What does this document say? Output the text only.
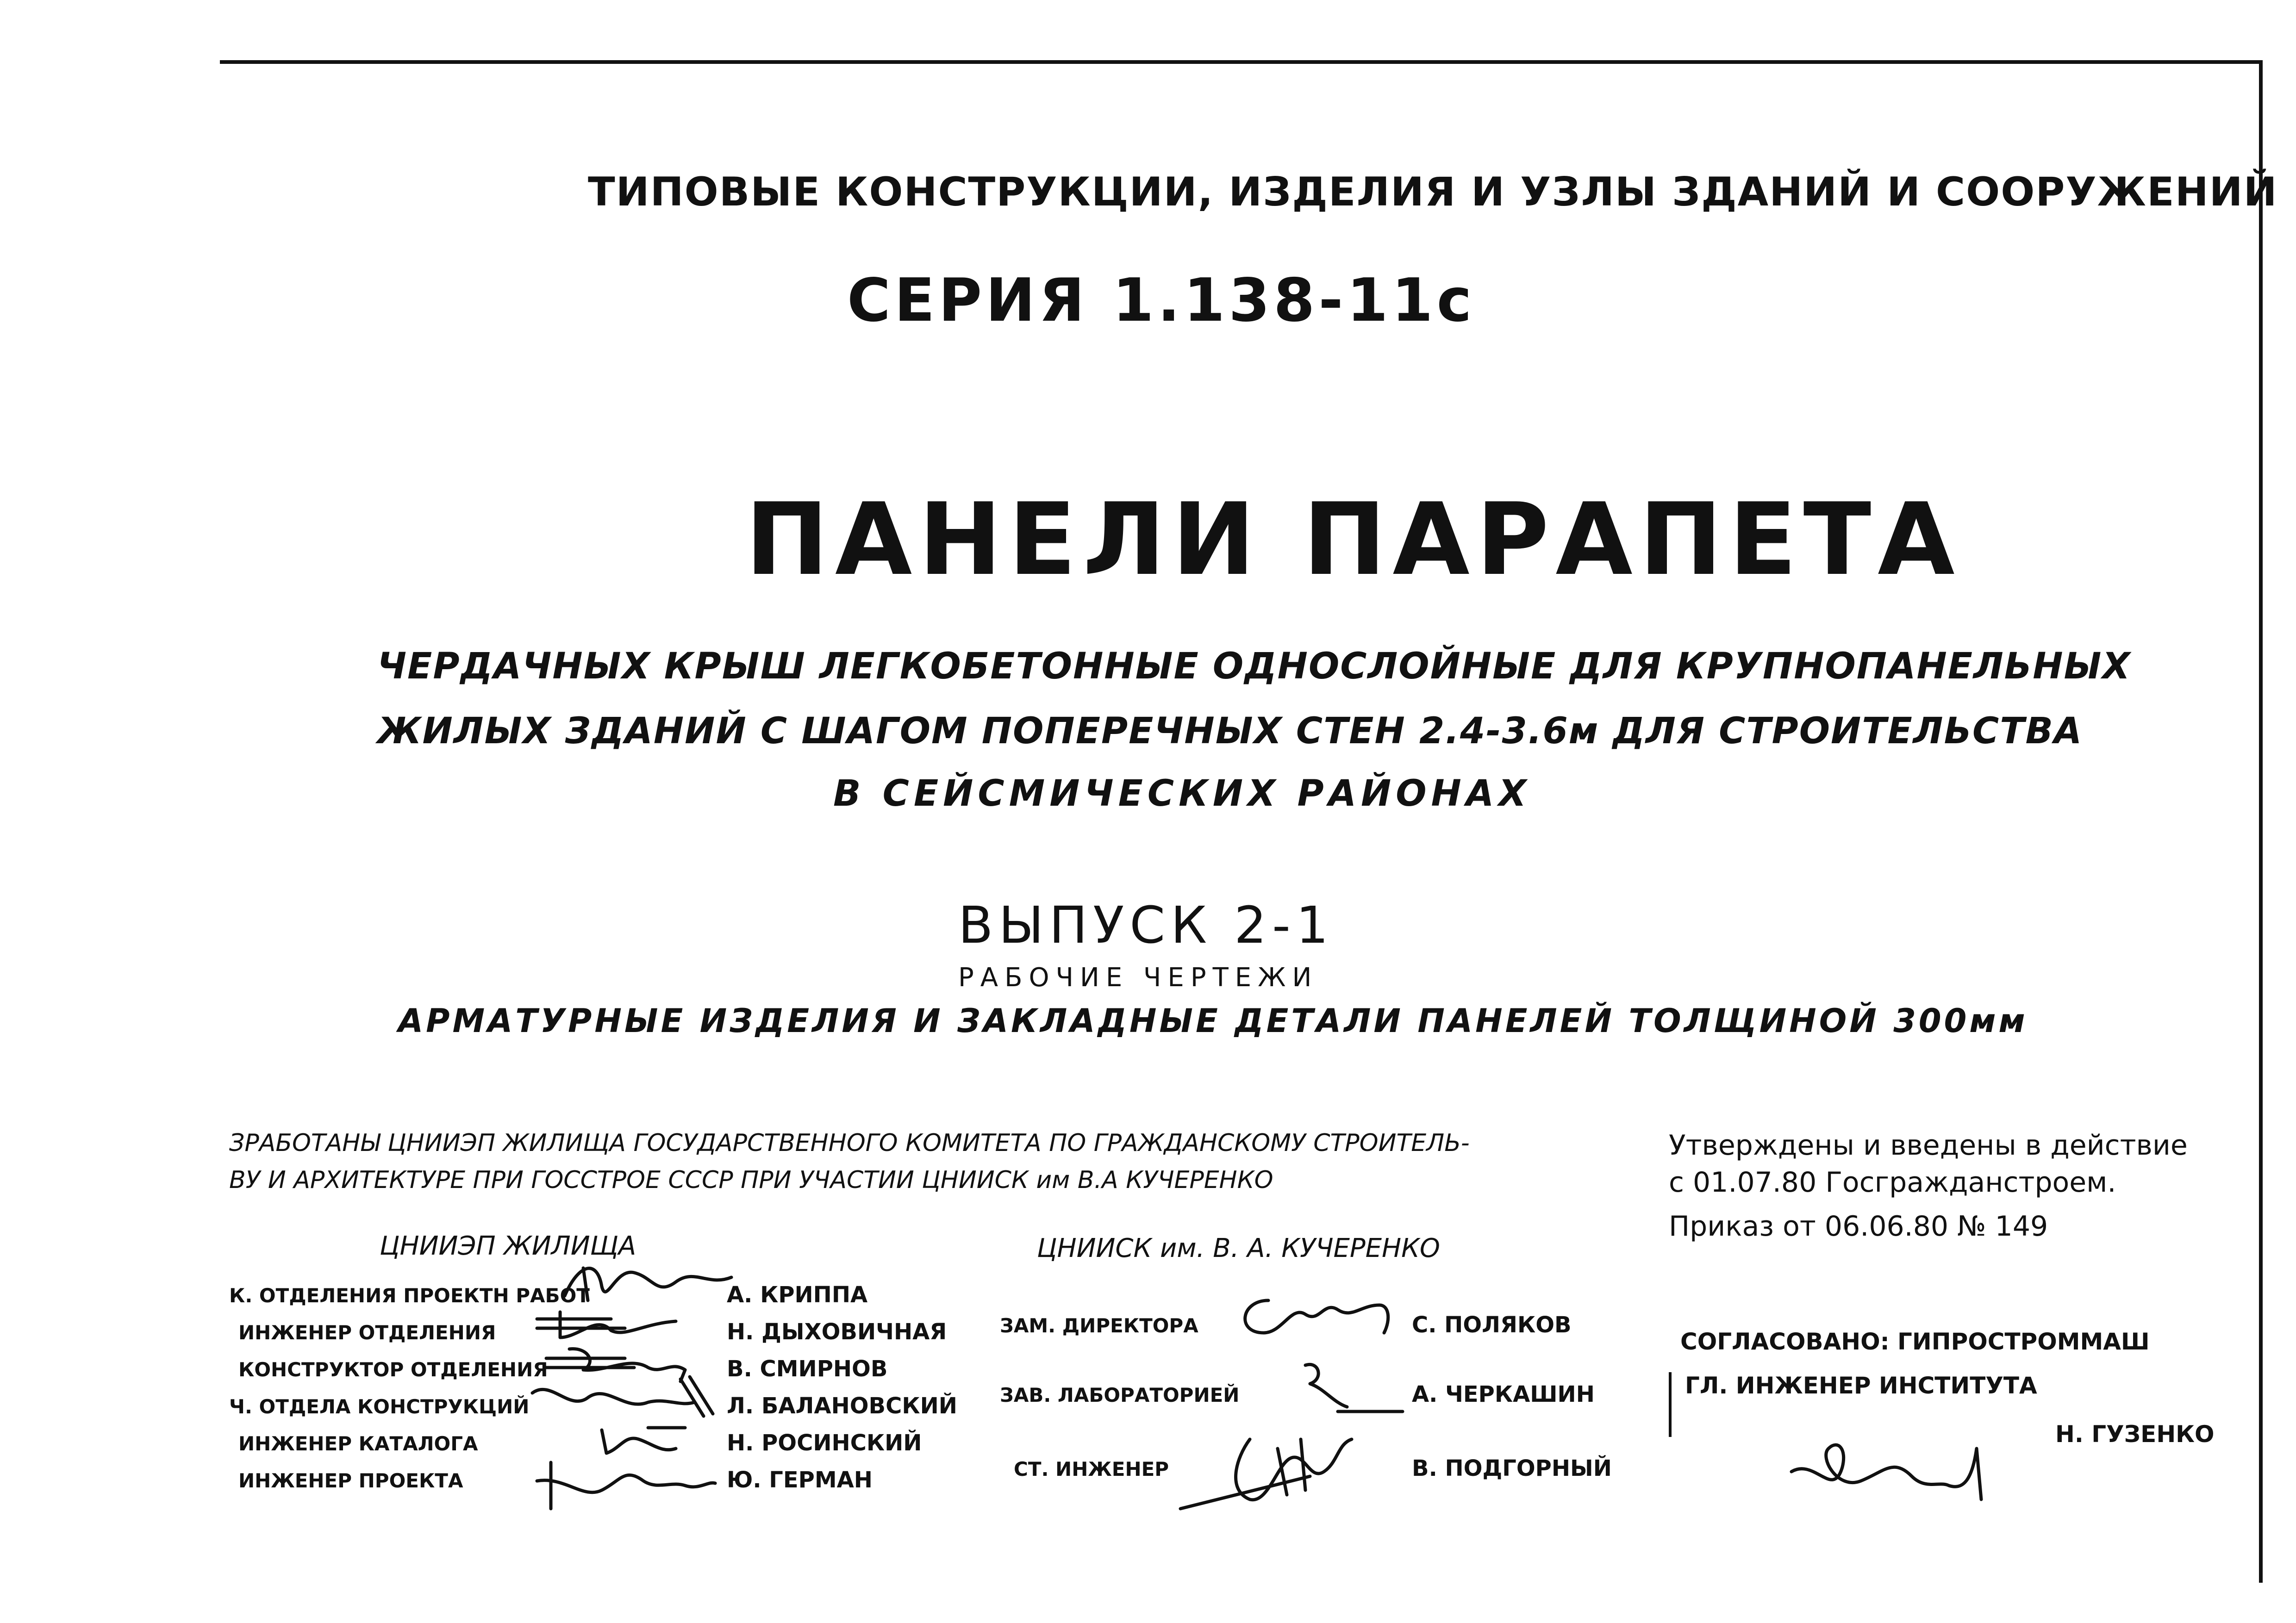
ТИПОВЫЕ КОНСТРУКЦИИ, ИЗДЕЛИЯ И УЗЛЫ ЗДАНИЙ И СООРУЖЕНИЙ
СЕРИЯ 1.138-11с
ПАНЕЛИ ПАРАПЕТА
ЧЕРДАЧНЫХ КРЫШ ЛЕГКОБЕТОННЫЕ ОДНОСЛОЙНЫЕ ДЛЯ КРУПНОПАНЕЛЬНЫХ
ЖИЛЫХ ЗДАНИЙ С ШАГОМ ПОПЕРЕЧНЫХ СТЕН 2.4-3.6м ДЛЯ СТРОИТЕЛЬСТВА
В СЕЙСМИЧЕСКИХ РАЙОНАХ
ВЫПУСК 2-1
РАБОЧИЕ ЧЕРТЕЖИ
АРМАТУРНЫЕ ИЗДЕЛИЯ И ЗАКЛАДНЫЕ ДЕТАЛИ ПАНЕЛЕЙ ТОЛЩИНОЙ 300мм
ЗРАБОТАНЫ ЦНИИЭП ЖИЛИЩА ГОСУДАРСТВЕННОГО КОМИТЕТА ПО ГРАЖДАНСКОМУ СТРОИТЕЛЬ-
ВУ И АРХИТЕКТУРЕ ПРИ ГОССТРОЕ СССР ПРИ УЧАСТИИ ЦНИИСК им В.А КУЧЕРЕНКО
Утверждены и введены в действие
с 01.07.80 Госгражданстроем.
Приказ от 06.06.80 № 149
ЦНИИЭП ЖИЛИЩА
К. ОТДЕЛЕНИЯ ПРОЕКТН РАБОТ	А. КРИППА
ИНЖЕНЕР ОТДЕЛЕНИЯ	Н. ДЫХОВИЧНАЯ
КОНСТРУКТОР ОТДЕЛЕНИЯ	В. СМИРНОВ
Ч. ОТДЕЛА КОНСТРУКЦИЙ	Л. БАЛАНОВСКИЙ
ИНЖЕНЕР КАТАЛОГА	Н. РОСИНСКИЙ
ИНЖЕНЕР ПРОЕКТА	Ю. ГЕРМАН
ЦНИИСК им. В. А. КУЧЕРЕНКО
ЗАМ. ДИРЕКТОРА	С. ПОЛЯКОВ
ЗАВ. ЛАБОРАТОРИЕЙ	А. ЧЕРКАШИН
СТ. ИНЖЕНЕР	В. ПОДГОРНЫЙ
СОГЛАСОВАНО: ГИПРОСТРОММАШ
ГЛ. ИНЖЕНЕР ИНСТИТУТА
Н. ГУЗЕНКО
